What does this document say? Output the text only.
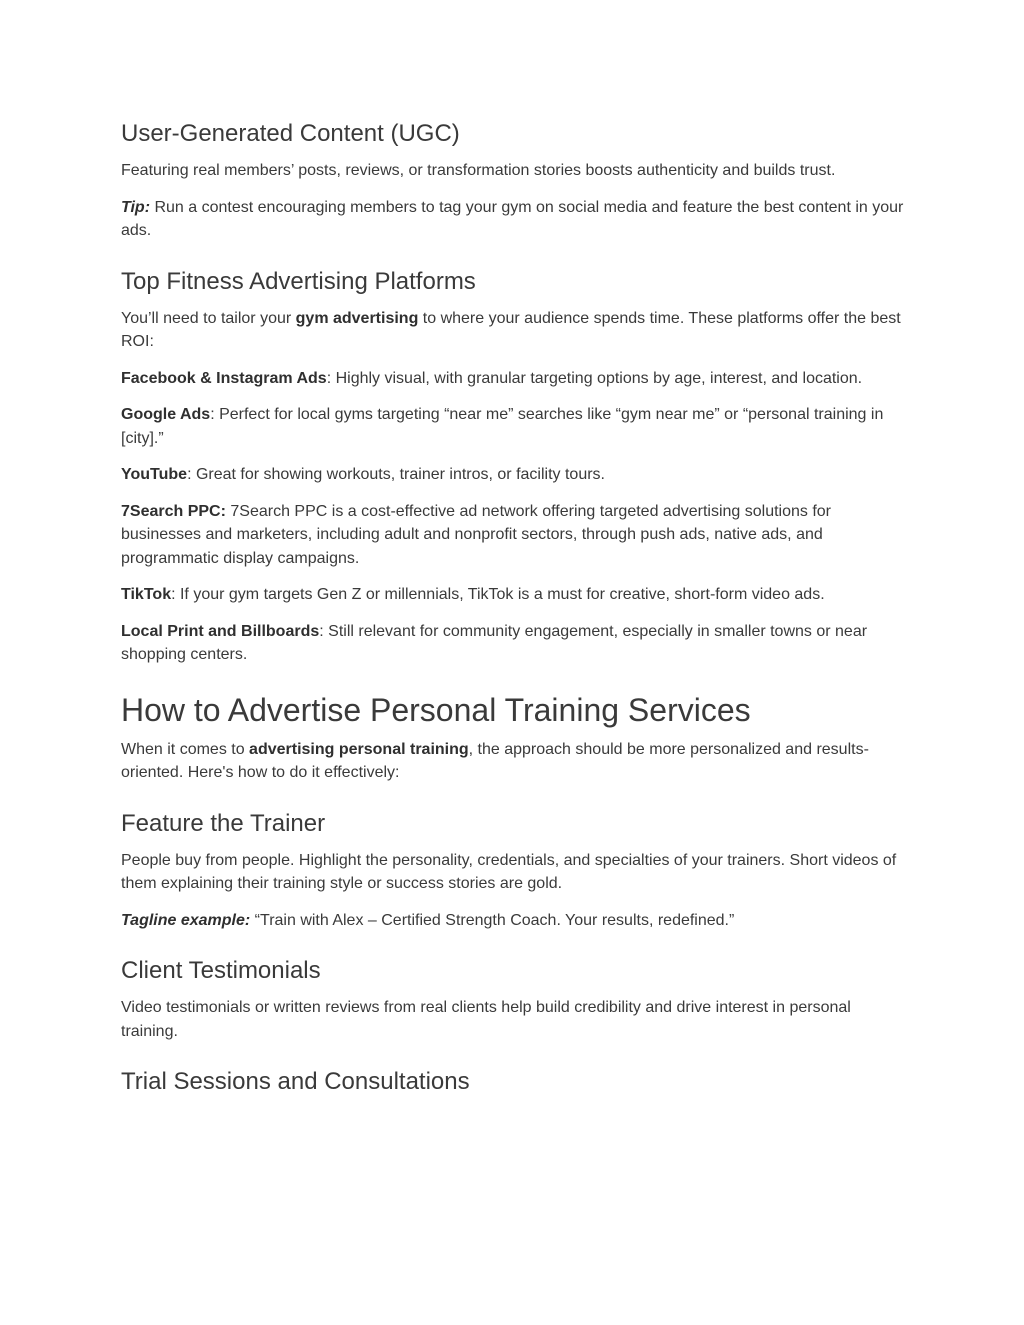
User-Generated Content (UGC)

Featuring real members’ posts, reviews, or transformation stories boosts authenticity and builds trust.

Tip: Run a contest encouraging members to tag your gym on social media and feature the best content in your ads.

Top Fitness Advertising Platforms

You’ll need to tailor your gym advertising to where your audience spends time. These platforms offer the best ROI:

Facebook & Instagram Ads: Highly visual, with granular targeting options by age, interest, and location.

Google Ads: Perfect for local gyms targeting “near me” searches like “gym near me” or “personal training in [city].”

YouTube: Great for showing workouts, trainer intros, or facility tours.

7Search PPC: 7Search PPC is a cost-effective ad network offering targeted advertising solutions for businesses and marketers, including adult and nonprofit sectors, through push ads, native ads, and programmatic display campaigns.

TikTok: If your gym targets Gen Z or millennials, TikTok is a must for creative, short-form video ads.

Local Print and Billboards: Still relevant for community engagement, especially in smaller towns or near shopping centers.

How to Advertise Personal Training Services

When it comes to advertising personal training, the approach should be more personalized and results-oriented. Here's how to do it effectively:

Feature the Trainer

People buy from people. Highlight the personality, credentials, and specialties of your trainers. Short videos of them explaining their training style or success stories are gold.

Tagline example: “Train with Alex – Certified Strength Coach. Your results, redefined.”

Client Testimonials

Video testimonials or written reviews from real clients help build credibility and drive interest in personal training.

Trial Sessions and Consultations
